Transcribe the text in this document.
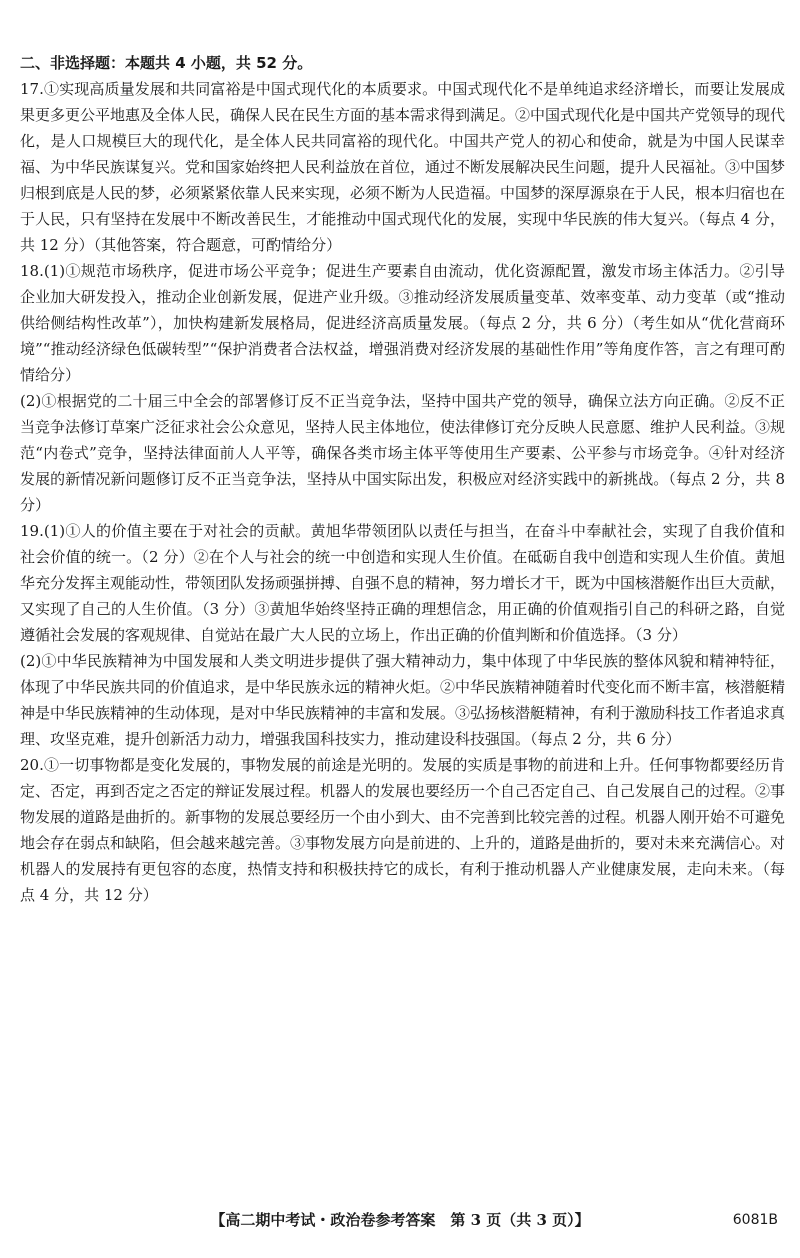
二、非选择题：本题共 4 小题，共 52 分。

17.①实现高质量发展和共同富裕是中国式现代化的本质要求。中国式现代化不是单纯追求经济增长，而要让发展成果更多更公平地惠及全体人民，确保人民在民生方面的基本需求得到满足。②中国式现代化是中国共产党领导的现代化，是人口规模巨大的现代化，是全体人民共同富裕的现代化。中国共产党人的初心和使命，就是为中国人民谋幸福、为中华民族谋复兴。党和国家始终把人民利益放在首位，通过不断发展解决民生问题，提升人民福祉。③中国梦归根到底是人民的梦，必须紧紧依靠人民来实现，必须不断为人民造福。中国梦的深厚源泉在于人民，根本归宿也在于人民，只有坚持在发展中不断改善民生，才能推动中国式现代化的发展，实现中华民族的伟大复兴。（每点 4 分，共 12 分）（其他答案，符合题意，可酌情给分）

18.(1)①规范市场秩序，促进市场公平竞争；促进生产要素自由流动，优化资源配置，激发市场主体活力。②引导企业加大研发投入，推动企业创新发展，促进产业升级。③推动经济发展质量变革、效率变革、动力变革（或“推动供给侧结构性改革”），加快构建新发展格局，促进经济高质量发展。（每点 2 分，共 6 分）（考生如从“优化营商环境”“推动经济绿色低碳转型”“保护消费者合法权益，增强消费对经济发展的基础性作用”等角度作答，言之有理可酌情给分）

(2)①根据党的二十届三中全会的部署修订反不正当竞争法，坚持中国共产党的领导，确保立法方向正确。②反不正当竞争法修订草案广泛征求社会公众意见，坚持人民主体地位，使法律修订充分反映人民意愿、维护人民利益。③规范“内卷式”竞争，坚持法律面前人人平等，确保各类市场主体平等使用生产要素、公平参与市场竞争。④针对经济发展的新情况新问题修订反不正当竞争法，坚持从中国实际出发，积极应对经济实践中的新挑战。（每点 2 分，共 8 分）

19.(1)①人的价值主要在于对社会的贡献。黄旭华带领团队以责任与担当，在奋斗中奉献社会，实现了自我价值和社会价值的统一。（2 分）②在个人与社会的统一中创造和实现人生价值。在砥砺自我中创造和实现人生价值。黄旭华充分发挥主观能动性，带领团队发扬顽强拼搏、自强不息的精神，努力增长才干，既为中国核潜艇作出巨大贡献，又实现了自己的人生价值。（3 分）③黄旭华始终坚持正确的理想信念，用正确的价值观指引自己的科研之路，自觉遵循社会发展的客观规律、自觉站在最广大人民的立场上，作出正确的价值判断和价值选择。（3 分）

(2)①中华民族精神为中国发展和人类文明进步提供了强大精神动力，集中体现了中华民族的整体风貌和精神特征，体现了中华民族共同的价值追求，是中华民族永远的精神火炬。②中华民族精神随着时代变化而不断丰富，核潜艇精神是中华民族精神的生动体现，是对中华民族精神的丰富和发展。③弘扬核潜艇精神，有利于激励科技工作者追求真理、攻坚克难，提升创新活力动力，增强我国科技实力，推动建设科技强国。（每点 2 分，共 6 分）

20.①一切事物都是变化发展的，事物发展的前途是光明的。发展的实质是事物的前进和上升。任何事物都要经历肯定、否定，再到否定之否定的辩证发展过程。机器人的发展也要经历一个自己否定自己、自己发展自己的过程。②事物发展的道路是曲折的。新事物的发展总要经历一个由小到大、由不完善到比较完善的过程。机器人刚开始不可避免地会存在弱点和缺陷，但会越来越完善。③事物发展方向是前进的、上升的，道路是曲折的，要对未来充满信心。对机器人的发展持有更包容的态度，热情支持和积极扶持它的成长，有利于推动机器人产业健康发展，走向未来。（每点 4 分，共 12 分）

【高二期中考试・政治卷参考答案　第 3 页（共 3 页）】	6081B
